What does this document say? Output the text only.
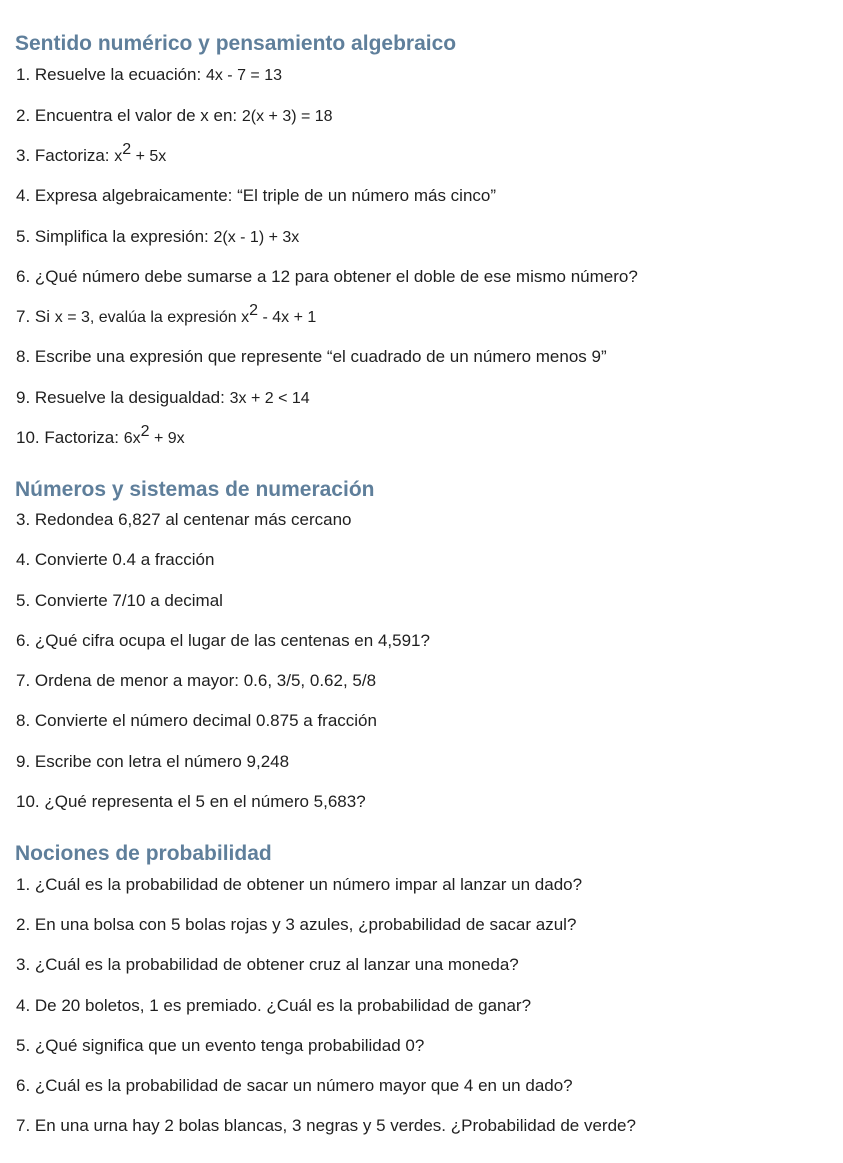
Sentido numérico y pensamiento algebraico
1. Resuelve la ecuación: 4x - 7 = 13
2. Encuentra el valor de x en: 2(x + 3) = 18
3. Factoriza: $x^2 + 5x$
4. Expresa algebraicamente: “El triple de un número más cinco”
5. Simplifica la expresión: 2(x - 1) + 3x
6. ¿Qué número debe sumarse a 12 para obtener el doble de ese mismo número?
7. Si x = 3, evalúa la expresión $x^2 - 4x + 1$
8. Escribe una expresión que represente “el cuadrado de un número menos 9”
9. Resuelve la desigualdad: 3x + 2 < 14
10. Factoriza: $6x^2 + 9x$
Números y sistemas de numeración
3. Redondea 6,827 al centenar más cercano
4. Convierte 0.4 a fracción
5. Convierte 7/10 a decimal
6. ¿Qué cifra ocupa el lugar de las centenas en 4,591?
7. Ordena de menor a mayor: 0.6, 3/5, 0.62, 5/8
8. Convierte el número decimal 0.875 a fracción
9. Escribe con letra el número 9,248
10. ¿Qué representa el 5 en el número 5,683?
Nociones de probabilidad
1. ¿Cuál es la probabilidad de obtener un número impar al lanzar un dado?
2. En una bolsa con 5 bolas rojas y 3 azules, ¿probabilidad de sacar azul?
3. ¿Cuál es la probabilidad de obtener cruz al lanzar una moneda?
4. De 20 boletos, 1 es premiado. ¿Cuál es la probabilidad de ganar?
5. ¿Qué significa que un evento tenga probabilidad 0?
6. ¿Cuál es la probabilidad de sacar un número mayor que 4 en un dado?
7. En una urna hay 2 bolas blancas, 3 negras y 5 verdes. ¿Probabilidad de verde?
